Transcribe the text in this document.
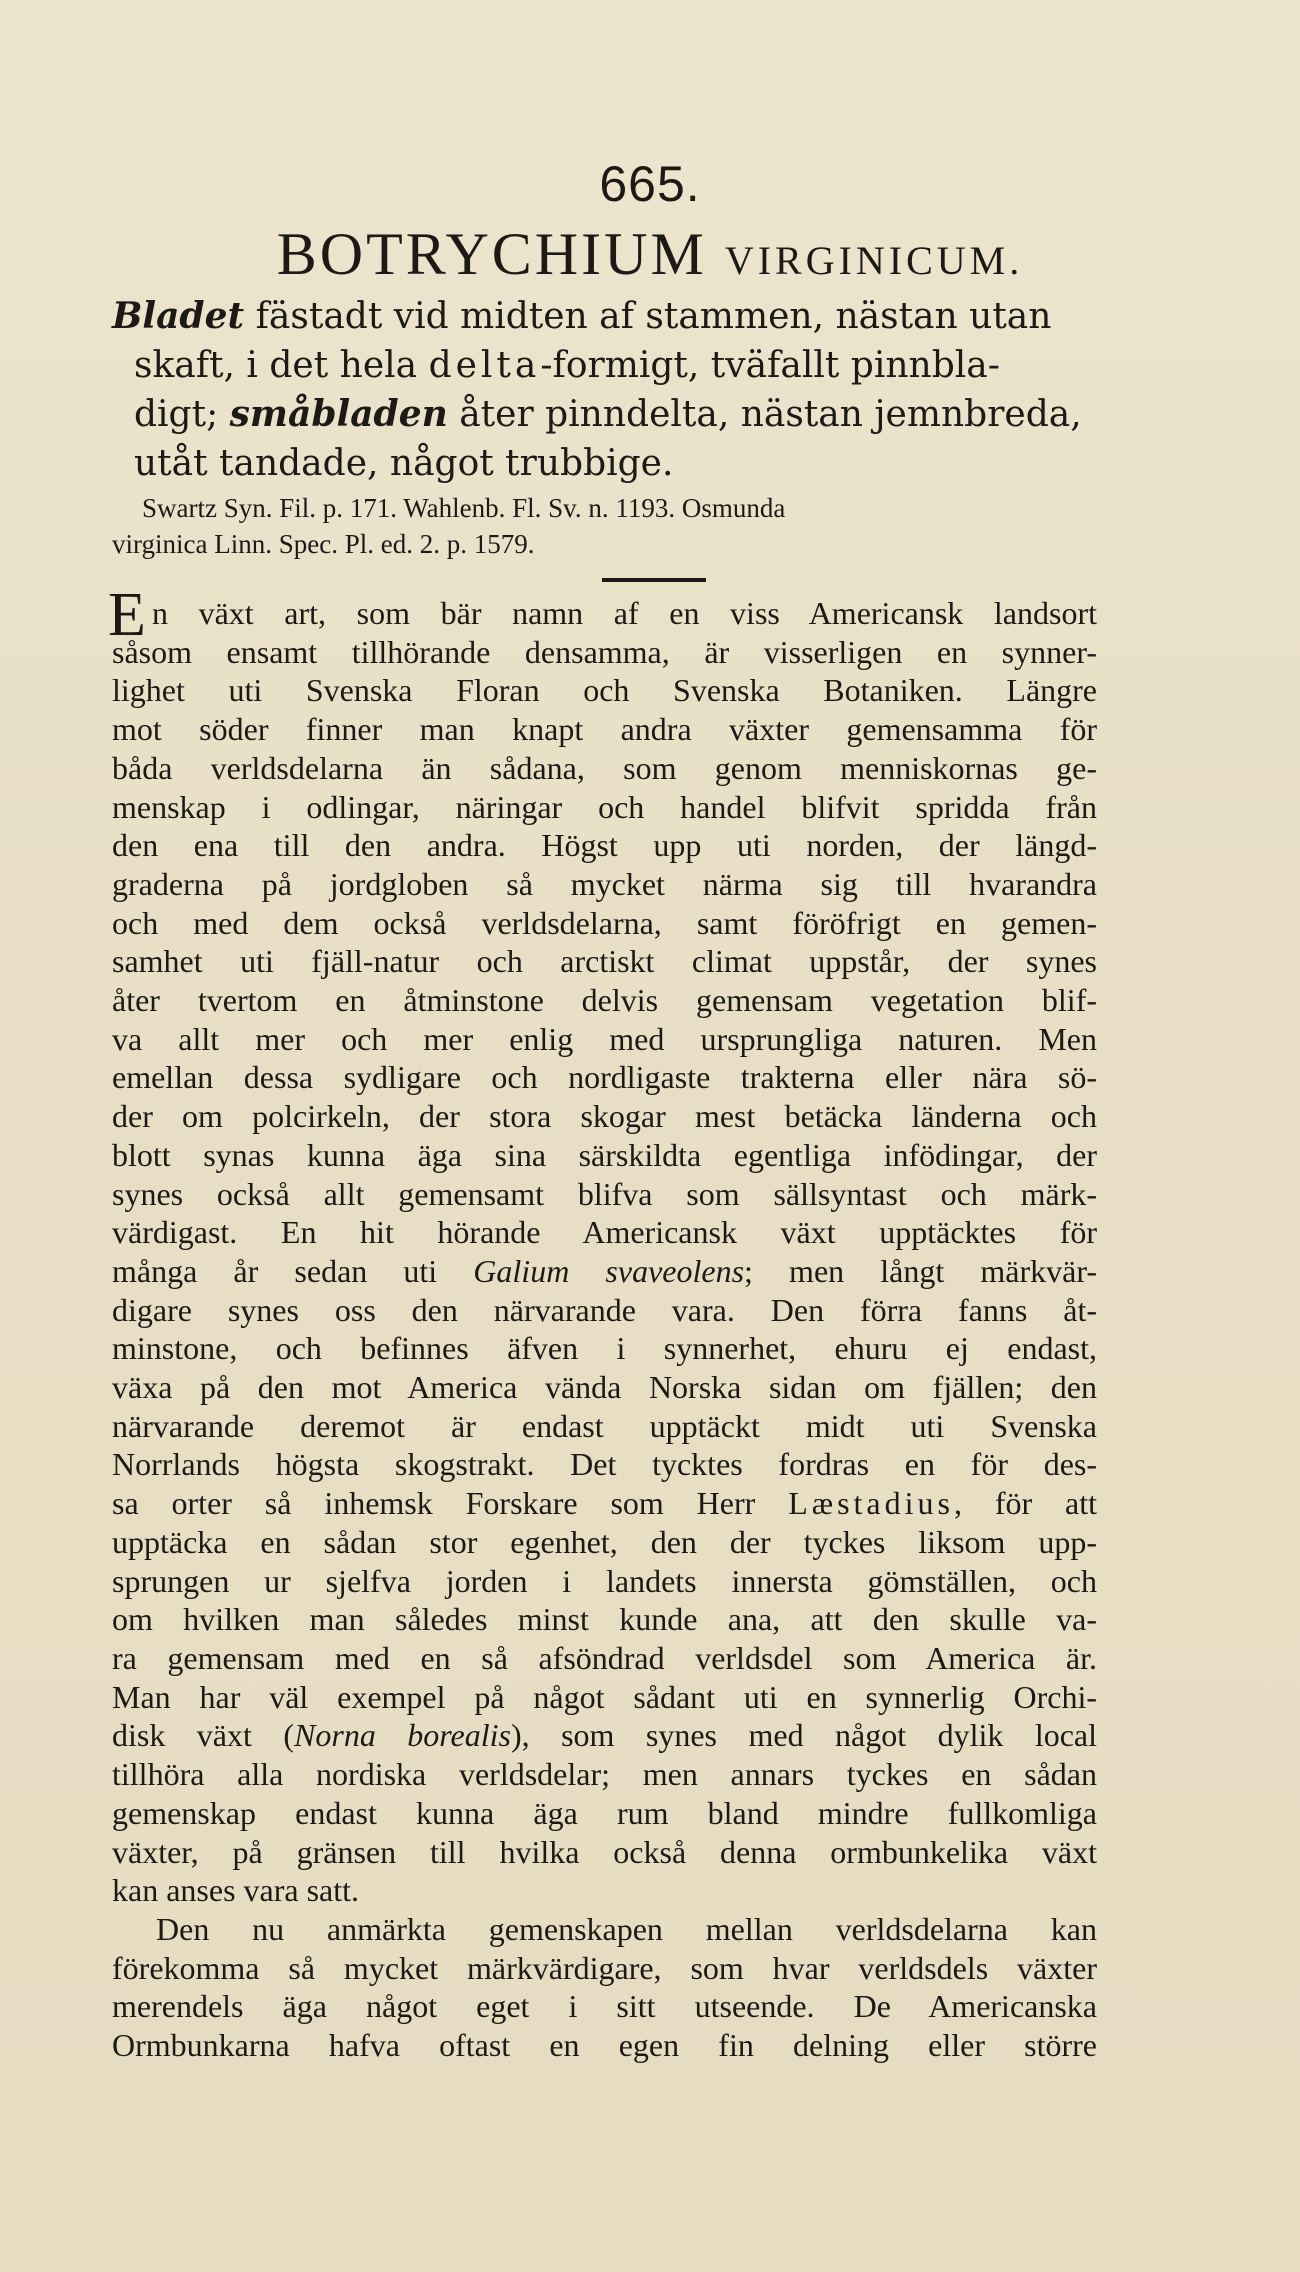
665.
BOTRYCHIUM VIRGINICUM.
Bladet fästadt vid midten af stammen, nästan utan
skaft, i det hela delta-formigt, tväfallt pinnbla-
digt; småbladen åter pinndelta, nästan jemnbreda,
utåt tandade, något trubbige.
Swartz Syn. Fil. p. 171. Wahlenb. Fl. Sv. n. 1193. Osmunda
virginica Linn. Spec. Pl. ed. 2. p. 1579.
E n växt art, som bär namn af en viss Americansk landsort
såsom ensamt tillhörande densamma, är visserligen en synner-
lighet uti Svenska Floran och Svenska Botaniken. Längre
mot söder finner man knapt andra växter gemensamma för
båda verldsdelarna än sådana, som genom menniskornas ge-
menskap i odlingar, näringar och handel blifvit spridda från
den ena till den andra. Högst upp uti norden, der längd-
graderna på jordgloben så mycket närma sig till hvarandra
och med dem också verldsdelarna, samt föröfrigt en gemen-
samhet uti fjäll-natur och arctiskt climat uppstår, der synes
åter tvertom en åtminstone delvis gemensam vegetation blif-
va allt mer och mer enlig med ursprungliga naturen. Men
emellan dessa sydligare och nordligaste trakterna eller nära sö-
der om polcirkeln, der stora skogar mest betäcka länderna och
blott synas kunna äga sina särskildta egentliga infödingar, der
synes också allt gemensamt blifva som sällsyntast och märk-
värdigast. En hit hörande Americansk växt upptäcktes för
många år sedan uti Galium svaveolens; men långt märkvär-
digare synes oss den närvarande vara. Den förra fanns åt-
minstone, och befinnes äfven i synnerhet, ehuru ej endast,
växa på den mot America vända Norska sidan om fjällen; den
närvarande deremot är endast upptäckt midt uti Svenska
Norrlands högsta skogstrakt. Det tycktes fordras en för des-
sa orter så inhemsk Forskare som Herr Læstadius, för att
upptäcka en sådan stor egenhet, den der tyckes liksom upp-
sprungen ur sjelfva jorden i landets innersta gömställen, och
om hvilken man således minst kunde ana, att den skulle va-
ra gemensam med en så afsöndrad verldsdel som America är.
Man har väl exempel på något sådant uti en synnerlig Orchi-
disk växt (Norna borealis), som synes med något dylik local
tillhöra alla nordiska verldsdelar; men annars tyckes en sådan
gemenskap endast kunna äga rum bland mindre fullkomliga
växter, på gränsen till hvilka också denna ormbunkelika växt
kan anses vara satt.
Den nu anmärkta gemenskapen mellan verldsdelarna kan
förekomma så mycket märkvärdigare, som hvar verldsdels växter
merendels äga något eget i sitt utseende. De Americanska
Ormbunkarna hafva oftast en egen fin delning eller större
